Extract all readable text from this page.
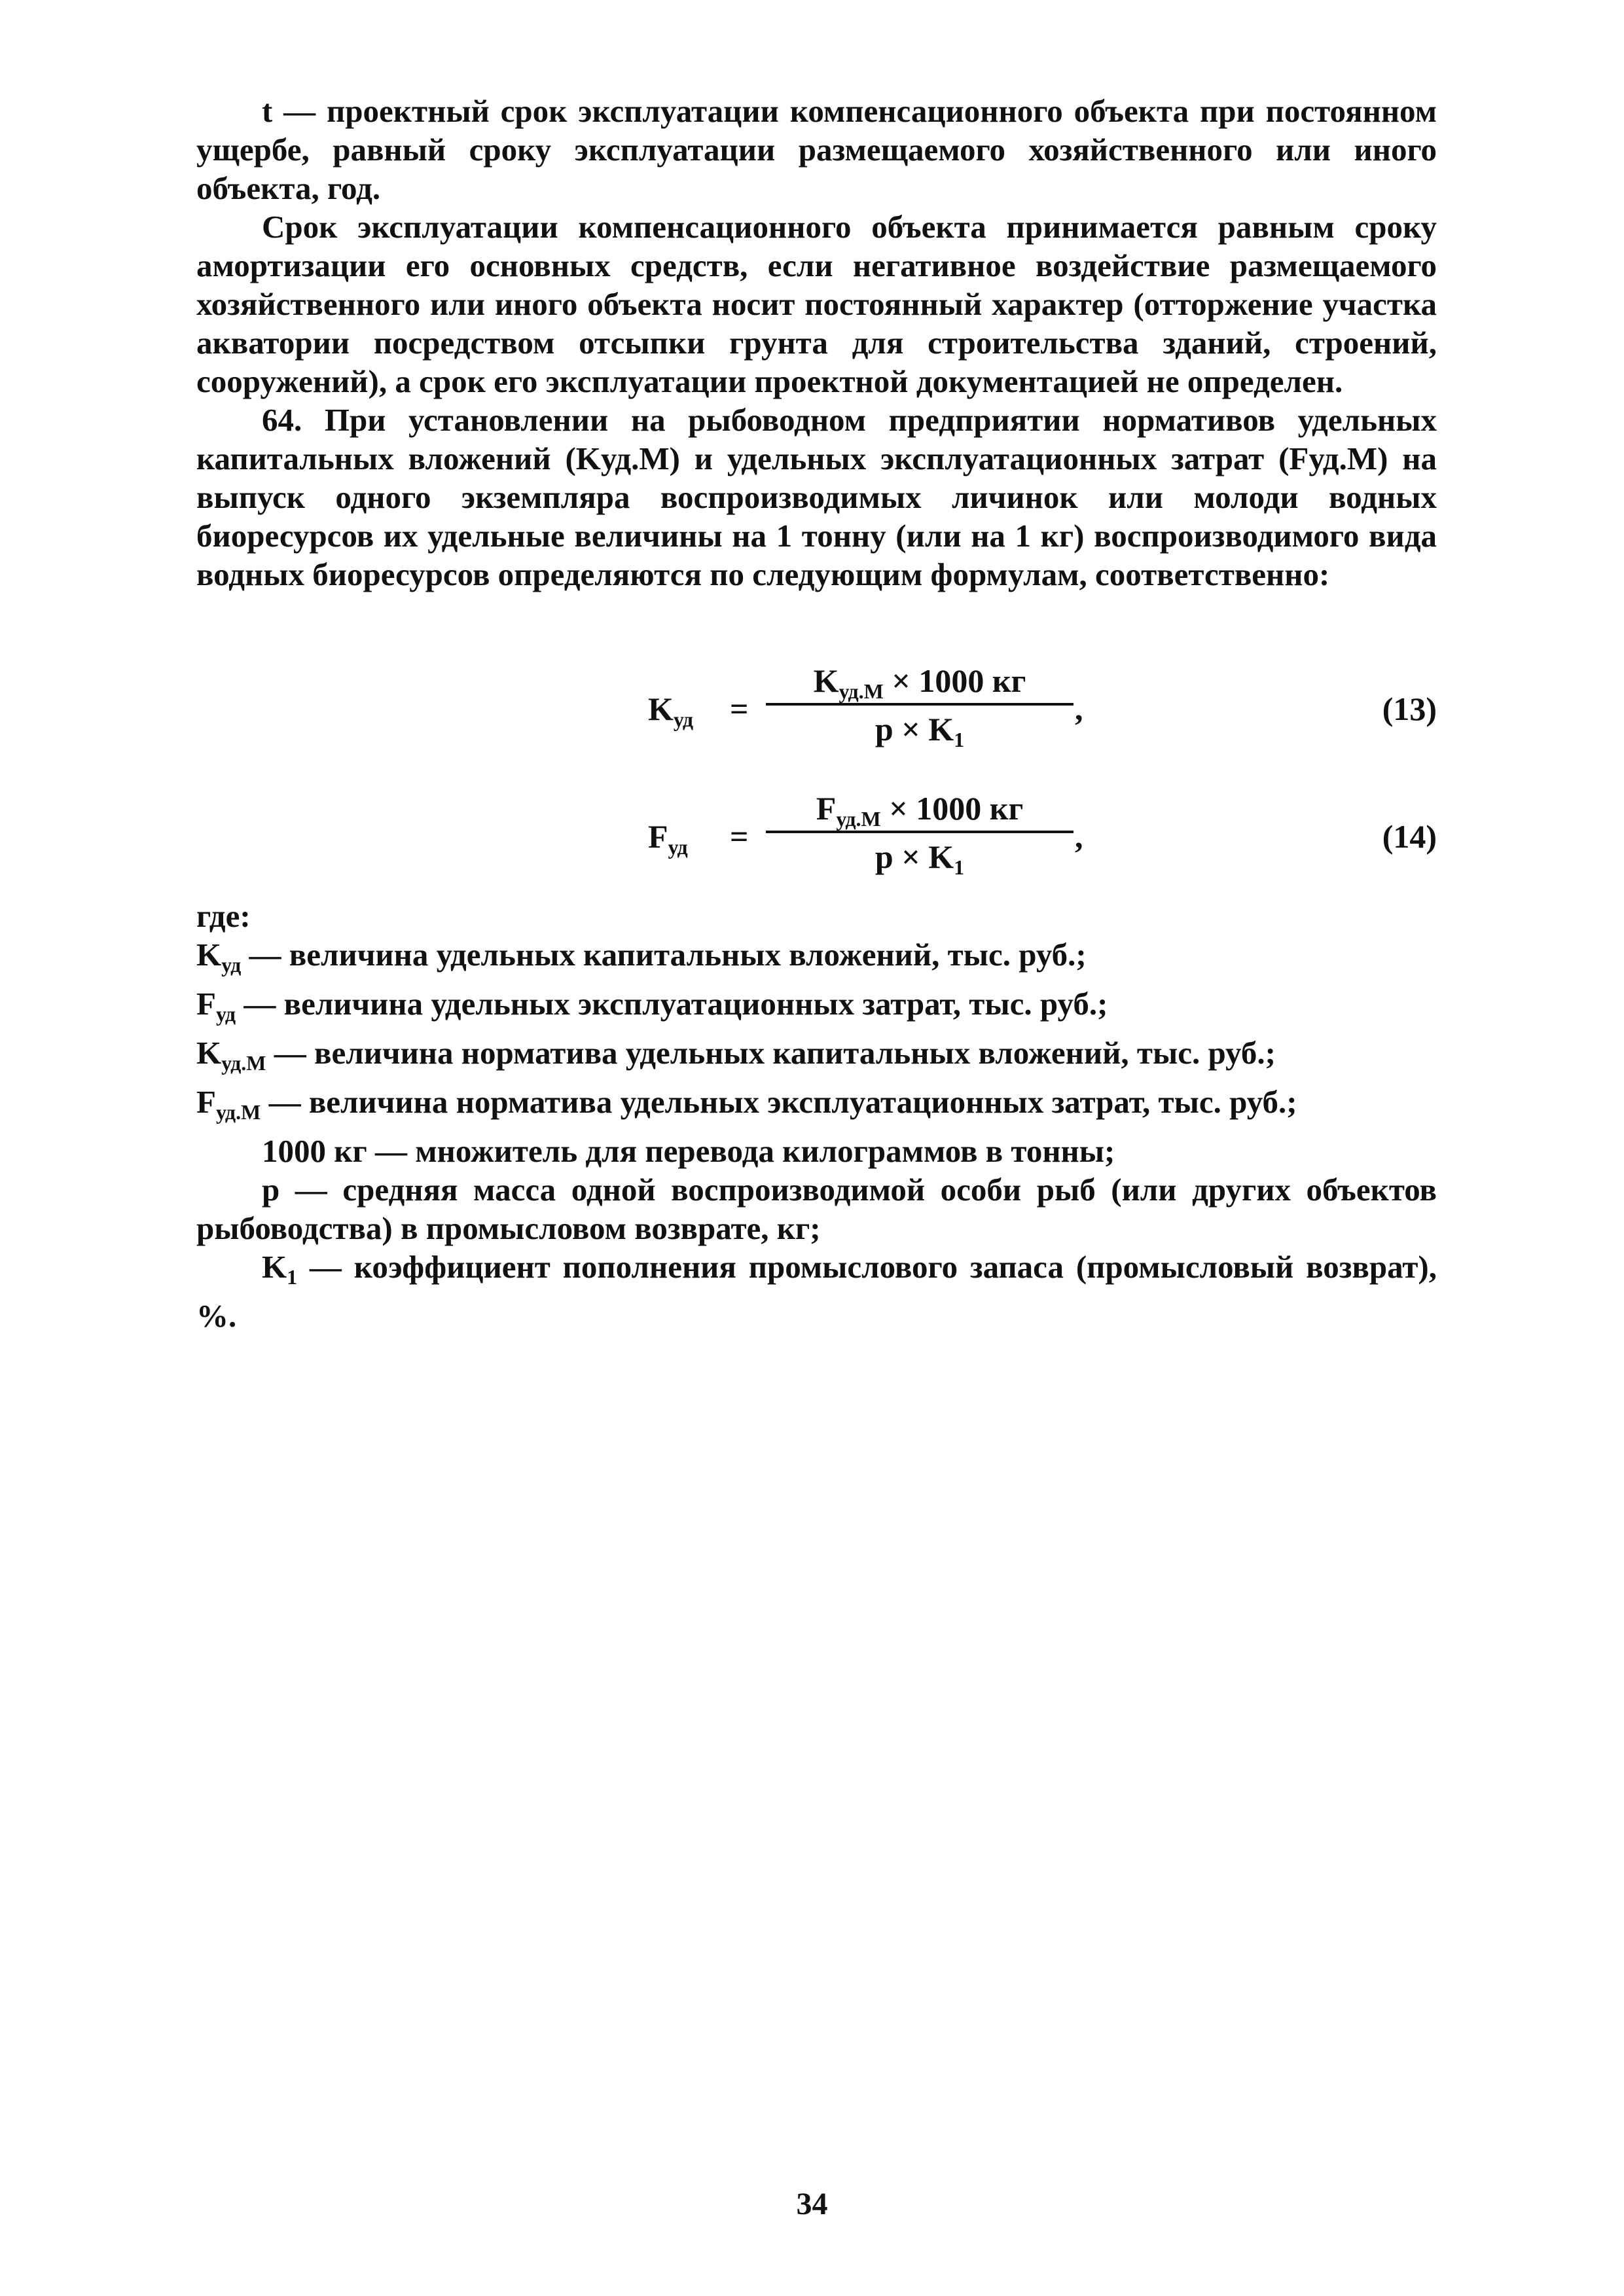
t — проектный срок эксплуатации компенсационного объекта при постоянном ущербе, равный сроку эксплуатации размещаемого хозяйственного или иного объекта, год.

Срок эксплуатации компенсационного объекта принимается равным сроку амортизации его основных средств, если негативное воздействие размещаемого хозяйственного или иного объекта носит постоянный характер (отторжение участка акватории посредством отсыпки грунта для строительства зданий, строений, сооружений), а срок его эксплуатации проектной документацией не определен.

64. При установлении на рыбоводном предприятии нормативов удельных капитальных вложений (Kуд.М) и удельных эксплуатационных затрат (Fуд.М) на выпуск одного экземпляра воспроизводимых личинок или молоди водных биоресурсов их удельные величины на 1 тонну (или на 1 кг) воспроизводимого вида водных биоресурсов определяются по следующим формулам, соответственно:

$K_{уд}$ =
$K_{уд.М} \times 1000$ кг
$p \times K_1$
,	(13)
$F_{уд}$ =
$F_{уд.М} \times 1000$ кг
$p \times K_1$
,	(14)

где:

$K_{уд}$ — величина удельных капитальных вложений, тыс. руб.;

$F_{уд}$ — величина удельных эксплуатационных затрат, тыс. руб.;

$K_{уд.М}$ — величина норматива удельных капитальных вложений, тыс. руб.;

$F_{уд.М}$ — величина норматива удельных эксплуатационных затрат, тыс. руб.;

1000 кг — множитель для перевода килограммов в тонны;

p — средняя масса одной воспроизводимой особи рыб (или других объектов рыбоводства) в промысловом возврате, кг;

$K_1$ — коэффициент пополнения промыслового запаса (промысловый возврат), %.

34
